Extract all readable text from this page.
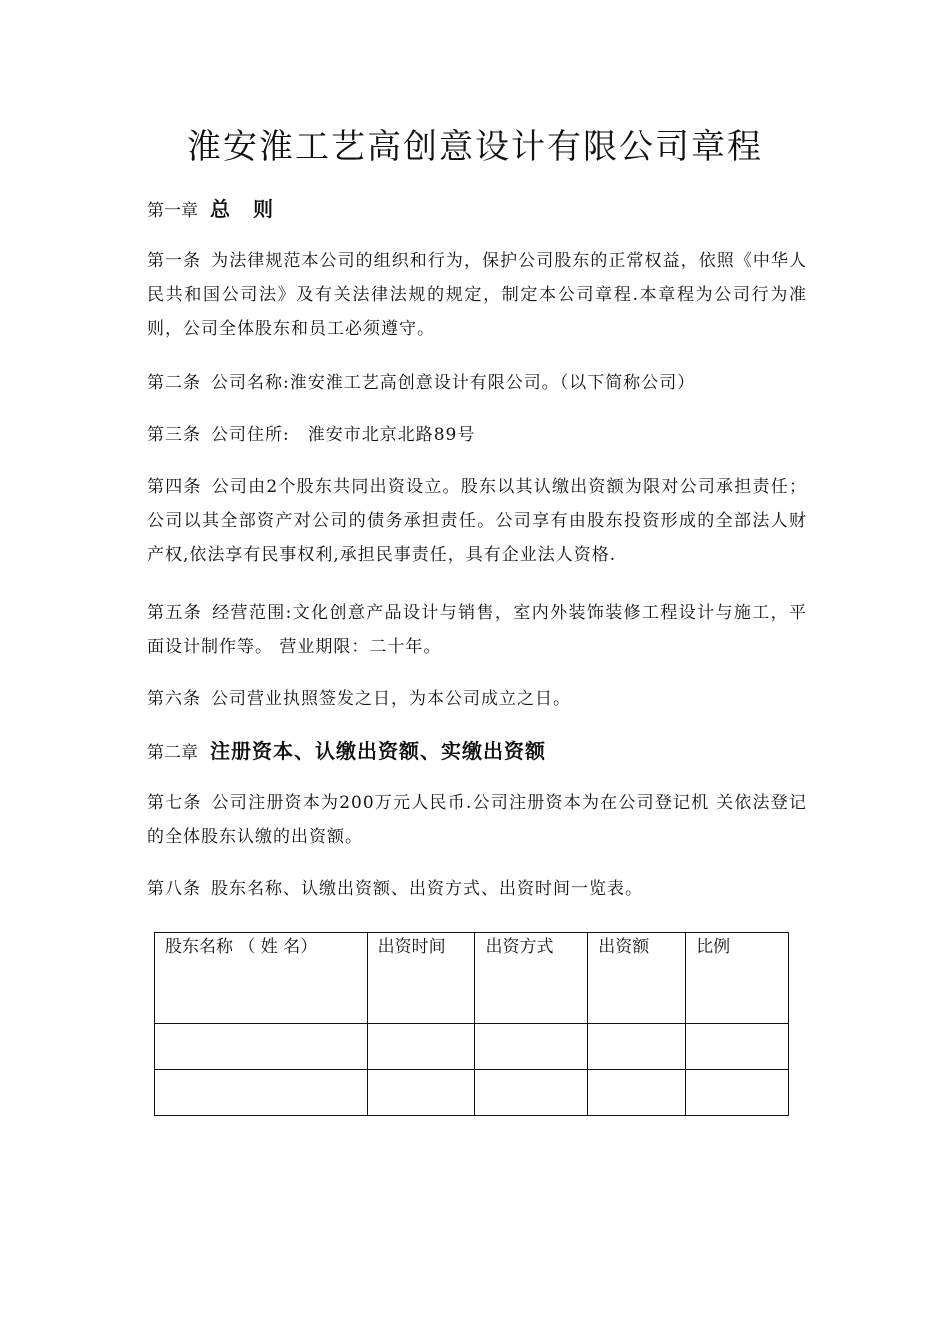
淮安淮工艺高创意设计有限公司章程
第一章 总 则

第一条 为法律规范本公司的组织和行为，保护公司股东的正常权益，依照《中华人民共和国公司法》及有关法律法规的规定，制定本公司章程.本章程为公司行为准则，公司全体股东和员工必须遵守。

第二条 公司名称:淮安淮工艺高创意设计有限公司。（以下简称公司）

第三条 公司住所:　淮安市北京北路89号

第四条 公司由2个股东共同出资设立。股东以其认缴出资额为限对公司承担责任；公司以其全部资产对公司的债务承担责任。公司享有由股东投资形成的全部法人财产权,依法享有民事权利,承担民事责任，具有企业法人资格.

第五条 经营范围:文化创意产品设计与销售，室内外装饰装修工程设计与施工，平面设计制作等。 营业期限：二十年。

第六条 公司营业执照签发之日，为本公司成立之日。

第二章 注册资本、认缴出资额、实缴出资额

第七条 公司注册资本为200万元人民币.公司注册资本为在公司登记机 关依法登记的全体股东认缴的出资额。

第八条 股东名称、认缴出资额、出资方式、出资时间一览表。

股东名称 （ 姓 名）	出资时间	出资方式	出资额	比例
